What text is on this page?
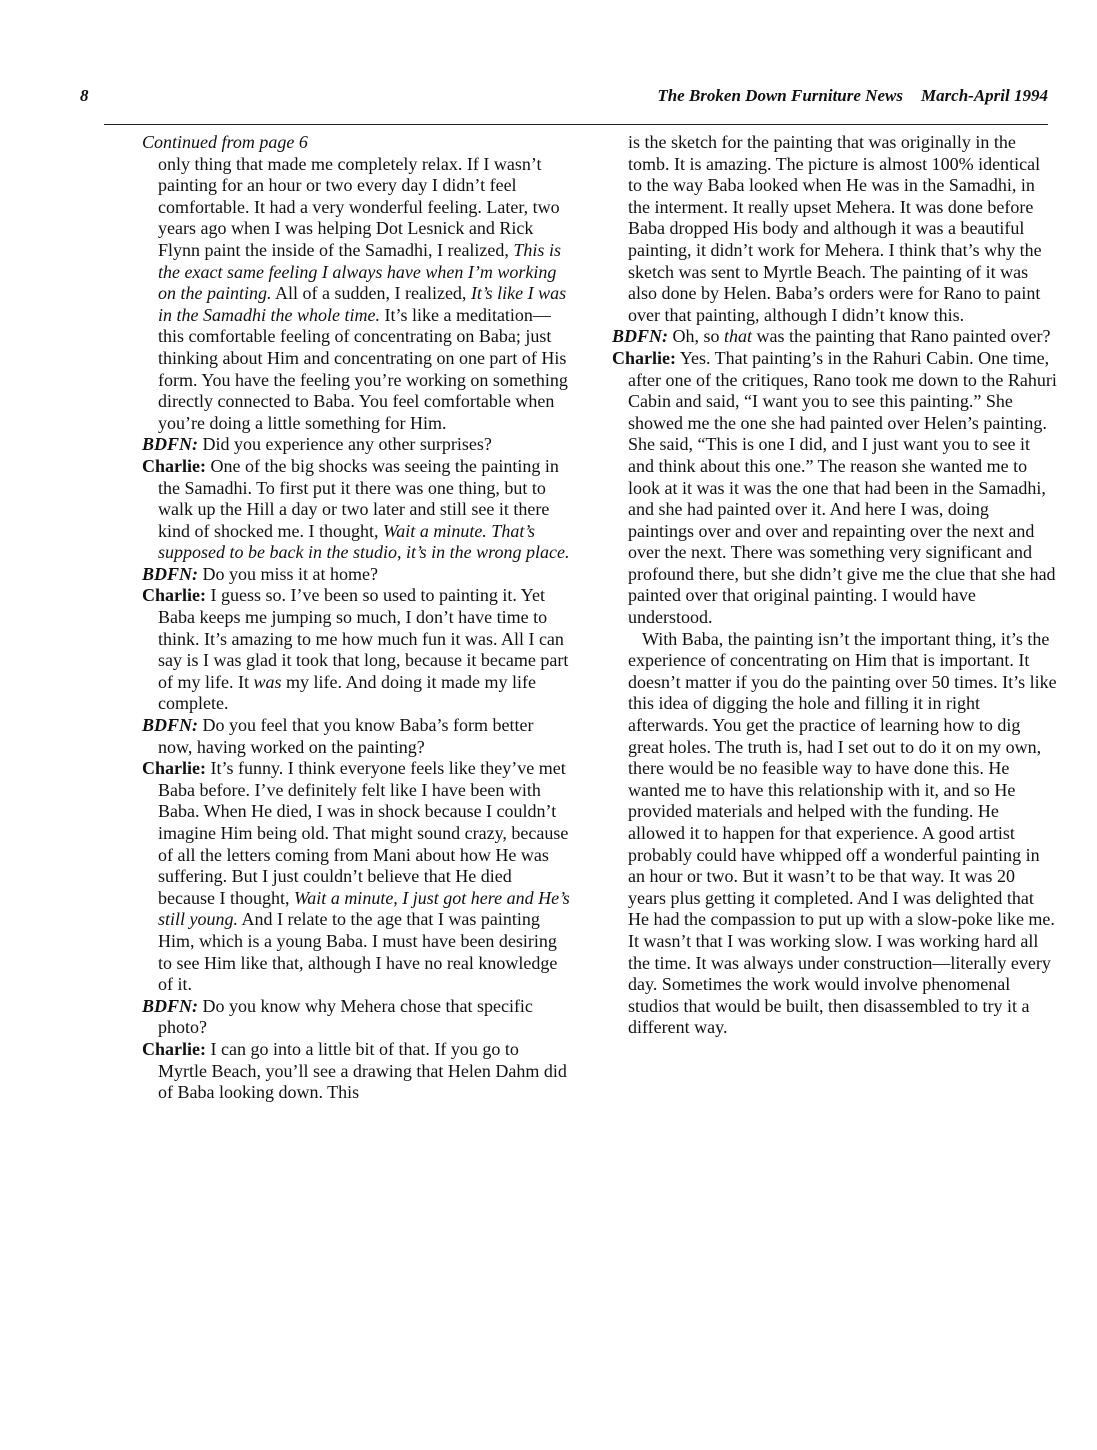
8	The Broken Down Furniture News March-April 1994
Continued from page 6

only thing that made me completely relax. If I wasn’t painting for an hour or two every day I didn’t feel comfortable. It had a very wonderful feeling. Later, two years ago when I was helping Dot Lesnick and Rick Flynn paint the inside of the Samadhi, I realized, This is the exact same feeling I always have when I’m working on the painting. All of a sudden, I realized, It’s like I was in the Samadhi the whole time. It’s like a meditation—this comfortable feeling of concentrating on Baba; just thinking about Him and concentrating on one part of His form. You have the feeling you’re working on something directly connected to Baba. You feel comfortable when you’re doing a little something for Him.

BDFN: Did you experience any other surprises?

Charlie: One of the big shocks was seeing the painting in the Samadhi. To first put it there was one thing, but to walk up the Hill a day or two later and still see it there kind of shocked me. I thought, Wait a minute. That’s supposed to be back in the studio, it’s in the wrong place.

BDFN: Do you miss it at home?

Charlie: I guess so. I’ve been so used to painting it. Yet Baba keeps me jumping so much, I don’t have time to think. It’s amazing to me how much fun it was. All I can say is I was glad it took that long, because it became part of my life. It was my life. And doing it made my life complete.

BDFN: Do you feel that you know Baba’s form better now, having worked on the painting?

Charlie: It’s funny. I think everyone feels like they’ve met Baba before. I’ve definitely felt like I have been with Baba. When He died, I was in shock because I couldn’t imagine Him being old. That might sound crazy, because of all the letters coming from Mani about how He was suffering. But I just couldn’t believe that He died because I thought, Wait a minute, I just got here and He’s still young. And I relate to the age that I was painting Him, which is a young Baba. I must have been desiring to see Him like that, although I have no real knowledge of it.

BDFN: Do you know why Mehera chose that specific photo?

Charlie: I can go into a little bit of that. If you go to Myrtle Beach, you’ll see a drawing that Helen Dahm did of Baba looking down. This

is the sketch for the painting that was originally in the tomb. It is amazing. The picture is almost 100% identical to the way Baba looked when He was in the Samadhi, in the interment. It really upset Mehera. It was done before Baba dropped His body and although it was a beautiful painting, it didn’t work for Mehera. I think that’s why the sketch was sent to Myrtle Beach. The painting of it was also done by Helen. Baba’s orders were for Rano to paint over that painting, although I didn’t know this.

BDFN: Oh, so that was the painting that Rano painted over?

Charlie: Yes. That painting’s in the Rahuri Cabin. One time, after one of the critiques, Rano took me down to the Rahuri Cabin and said, “I want you to see this painting.” She showed me the one she had painted over Helen’s painting. She said, “This is one I did, and I just want you to see it and think about this one.” The reason she wanted me to look at it was it was the one that had been in the Samadhi, and she had painted over it. And here I was, doing paintings over and over and repainting over the next and over the next. There was something very significant and profound there, but she didn’t give me the clue that she had painted over that original painting. I would have understood.

With Baba, the painting isn’t the important thing, it’s the experience of concentrating on Him that is important. It doesn’t matter if you do the painting over 50 times. It’s like this idea of digging the hole and filling it in right afterwards. You get the practice of learning how to dig great holes. The truth is, had I set out to do it on my own, there would be no feasible way to have done this. He wanted me to have this relationship with it, and so He provided materials and helped with the funding. He allowed it to happen for that experience. A good artist probably could have whipped off a wonderful painting in an hour or two. But it wasn’t to be that way. It was 20 years plus getting it completed. And I was delighted that He had the compassion to put up with a slow-poke like me. It wasn’t that I was working slow. I was working hard all the time. It was always under construction—literally every day. Sometimes the work would involve phenomenal studios that would be built, then disassembled to try it a different way.
